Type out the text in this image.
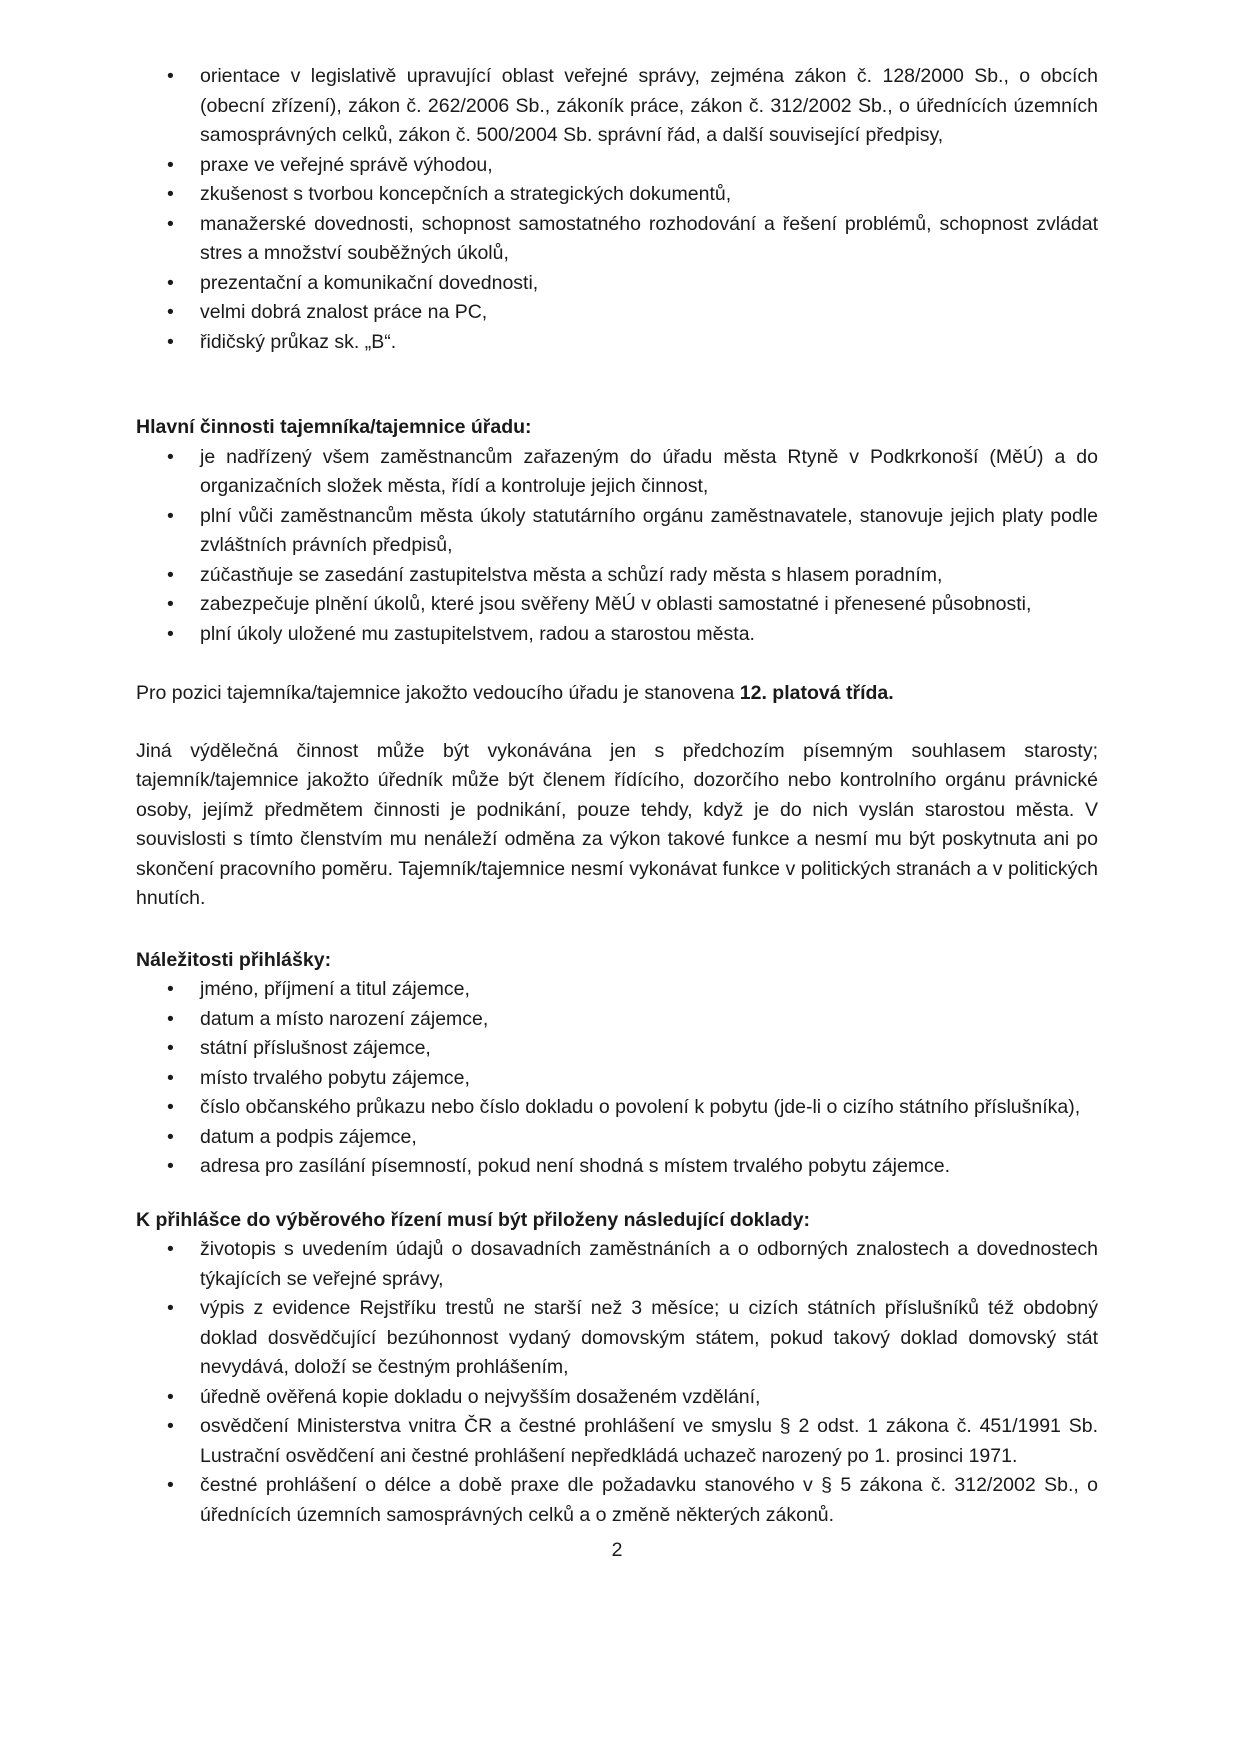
• orientace v legislativě upravující oblast veřejné správy, zejména zákon č. 128/2000 Sb., o obcích (obecní zřízení), zákon č. 262/2006 Sb., zákoník práce, zákon č. 312/2002 Sb., o úřednících územních samosprávných celků, zákon č. 500/2004 Sb. správní řád, a další související předpisy,
• praxe ve veřejné správě výhodou,
• zkušenost s tvorbou koncepčních a strategických dokumentů,
• manažerské dovednosti, schopnost samostatného rozhodování a řešení problémů, schopnost zvládat stres a množství souběžných úkolů,
• prezentační a komunikační dovednosti,
• velmi dobrá znalost práce na PC,
• řidičský průkaz sk. „B“.
Hlavní činnosti tajemníka/tajemnice úřadu:
• je nadřízený všem zaměstnancům zařazeným do úřadu města Rtyně v Podkrkonoší (MěÚ) a do organizačních složek města, řídí a kontroluje jejich činnost,
• plní vůči zaměstnancům města úkoly statutárního orgánu zaměstnavatele, stanovuje jejich platy podle zvláštních právních předpisů,
• zúčastňuje se zasedání zastupitelstva města a schůzí rady města s hlasem poradním,
• zabezpečuje plnění úkolů, které jsou svěřeny MěÚ v oblasti samostatné i přenesené působnosti,
• plní úkoly uložené mu zastupitelstvem, radou a starostou města.

Pro pozici tajemníka/tajemnice jakožto vedoucího úřadu je stanovena 12. platová třída.

Jiná výdělečná činnost může být vykonávána jen s předchozím písemným souhlasem starosty; tajemník/tajemnice jakožto úředník může být členem řídícího, dozorčího nebo kontrolního orgánu právnické osoby, jejímž předmětem činnosti je podnikání, pouze tehdy, když je do nich vyslán starostou města. V souvislosti s tímto členstvím mu nenáleží odměna za výkon takové funkce a nesmí mu být poskytnuta ani po skončení pracovního poměru. Tajemník/tajemnice nesmí vykonávat funkce v politických stranách a v politických hnutích.

Náležitosti přihlášky:
• jméno, příjmení a titul zájemce,
• datum a místo narození zájemce,
• státní příslušnost zájemce,
• místo trvalého pobytu zájemce,
• číslo občanského průkazu nebo číslo dokladu o povolení k pobytu (jde-li o cizího státního příslušníka),
• datum a podpis zájemce,
• adresa pro zasílání písemností, pokud není shodná s místem trvalého pobytu zájemce.
K přihlášce do výběrového řízení musí být přiloženy následující doklady:
• životopis s uvedením údajů o dosavadních zaměstnáních a o odborných znalostech a dovednostech týkajících se veřejné správy,
• výpis z evidence Rejstříku trestů ne starší než 3 měsíce; u cizích státních příslušníků též obdobný doklad dosvědčující bezúhonnost vydaný domovským státem, pokud takový doklad domovský stát nevydává, doloží se čestným prohlášením,
• úředně ověřená kopie dokladu o nejvyšším dosaženém vzdělání,
• osvědčení Ministerstva vnitra ČR a čestné prohlášení ve smyslu § 2 odst. 1 zákona č. 451/1991 Sb. Lustrační osvědčení ani čestné prohlášení nepředkládá uchazeč narozený po 1. prosinci 1971.
• čestné prohlášení o délce a době praxe dle požadavku stanového v § 5 zákona č. 312/2002 Sb., o úřednících územních samosprávných celků a o změně některých zákonů.
2
